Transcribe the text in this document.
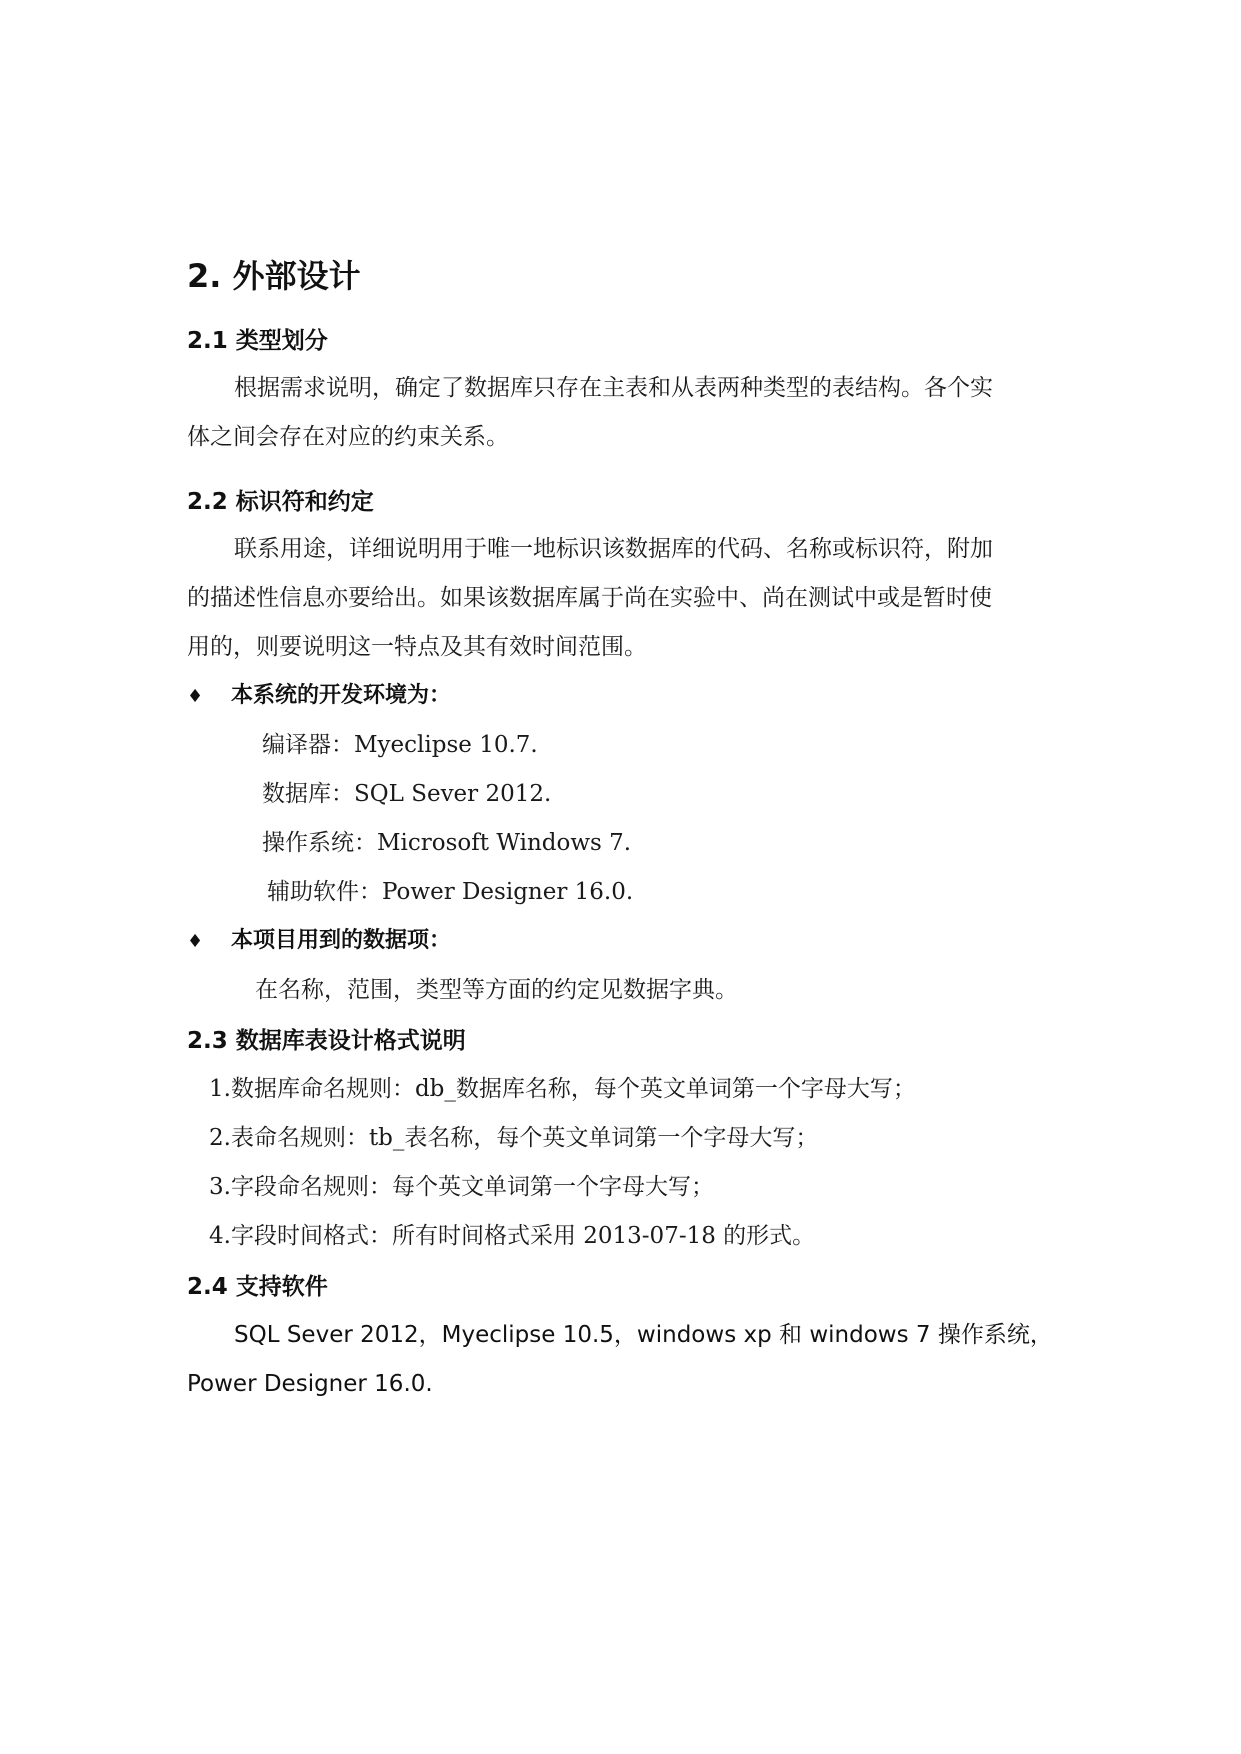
2. 外部设计
2.1 类型划分
根据需求说明，确定了数据库只存在主表和从表两种类型的表结构。各个实
体之间会存在对应的约束关系。
2.2 标识符和约定
联系用途，详细说明用于唯一地标识该数据库的代码、名称或标识符，附加
的描述性信息亦要给出。如果该数据库属于尚在实验中、尚在测试中或是暂时使
用的，则要说明这一特点及其有效时间范围。
♦ 本系统的开发环境为：
编译器：Myeclipse 10.7.
数据库：SQL Sever 2012.
操作系统：Microsoft Windows 7.
辅助软件：Power Designer 16.0.
♦ 本项目用到的数据项：
在名称，范围，类型等方面的约定见数据字典。
2.3 数据库表设计格式说明
1.数据库命名规则：db_数据库名称，每个英文单词第一个字母大写；
2.表命名规则：tb_表名称，每个英文单词第一个字母大写；
3.字段命名规则：每个英文单词第一个字母大写；
4.字段时间格式：所有时间格式采用 2013-07-18 的形式。
2.4 支持软件
SQL Sever 2012，Myeclipse 10.5，windows xp 和 windows 7 操作系统，
Power Designer 16.0.
